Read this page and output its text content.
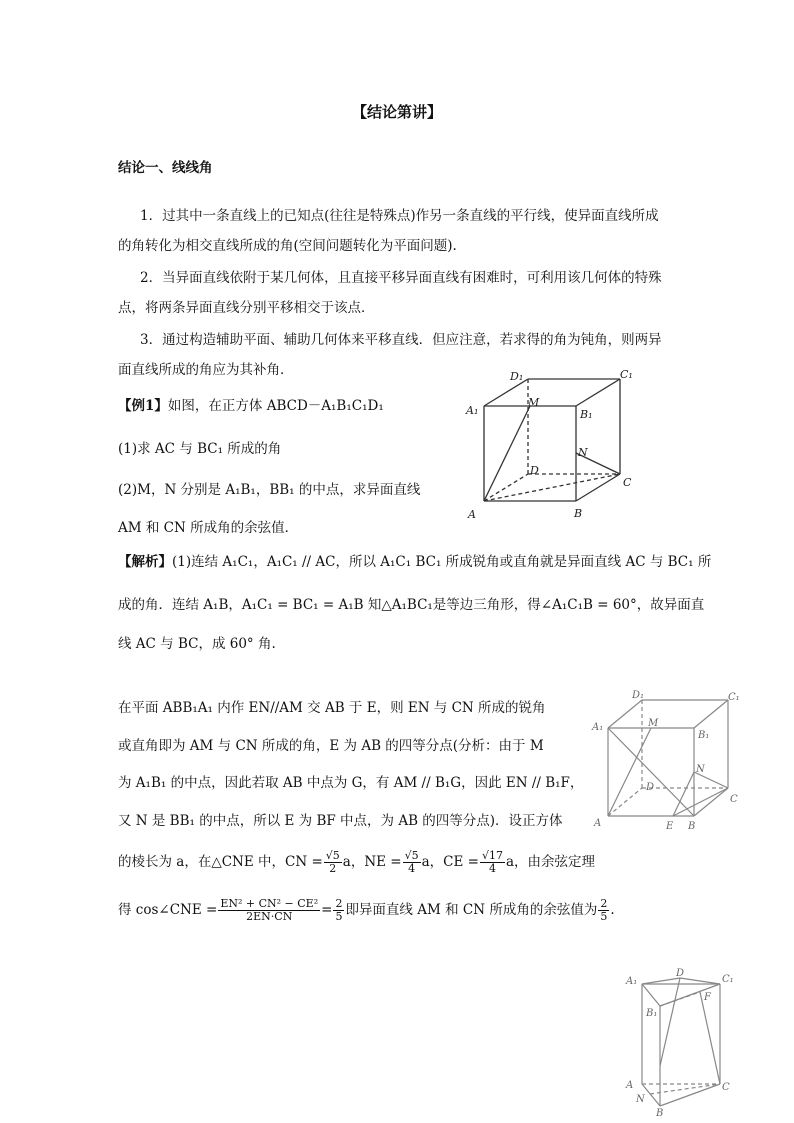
【结论第讲】
结论一、线线角
1．过其中一条直线上的已知点(往往是特殊点)作另一条直线的平行线，使异面直线所成
的角转化为相交直线所成的角(空间问题转化为平面问题).
2．当异面直线依附于某几何体，且直接平移异面直线有困难时，可利用该几何体的特殊
点，将两条异面直线分别平移相交于该点．
3．通过构造辅助平面、辅助几何体来平移直线．但应注意，若求得的角为钝角，则两异
面直线所成的角应为其补角．
【例1】如图，在正方体 ABCD－A₁B₁C₁D₁
(1)求 AC 与 BC₁ 所成的角
(2)M，N 分别是 A₁B₁，BB₁ 的中点，求异面直线
AM 和 CN 所成角的余弦值．
A	B
C
D
A₁	B₁
C₁
D₁
M
N
【解析】(1)连结 A₁C₁，A₁C₁ // AC，所以 A₁C₁ BC₁ 所成锐角或直角就是异面直线 AC 与 BC₁ 所
成的角．连结 A₁B，A₁C₁ = BC₁ = A₁B 知△A₁BC₁是等边三角形，得∠A₁C₁B = 60°，故异面直
线 AC 与 BC，成 60° 角.
在平面 ABB₁A₁ 内作 EN//AM 交 AB 于 E，则 EN 与 CN 所成的锐角
或直角即为 AM 与 CN 所成的角，E 为 AB 的四等分点(分析：由于 M
为 A₁B₁ 的中点，因此若取 AB 中点为 G，有 AM // B₁G，因此 EN // B₁F，
又 N 是 BB₁ 的中点，所以 E 为 BF 中点，为 AB 的四等分点)．设正方体
的棱长为 a，在△CNE 中，CN = $\frac{√5}{2}$ a，NE = $\frac{√5}{4}$ a，CE = $\frac{√17}{4}$ a，由余弦定理
得 cos∠CNE = $\frac{\text{EN² + CN² − CE²}}{2EN\cdot CN} = \frac{2}{5}$ 即异面直线 AM 和 CN 所成角的余弦值为 $\frac{2}{5}$ .
A	B
C
D
E
A₁
B₁
C₁
D₁
M
N
A
B
C
D
F
N
A₁
B₁
C₁
